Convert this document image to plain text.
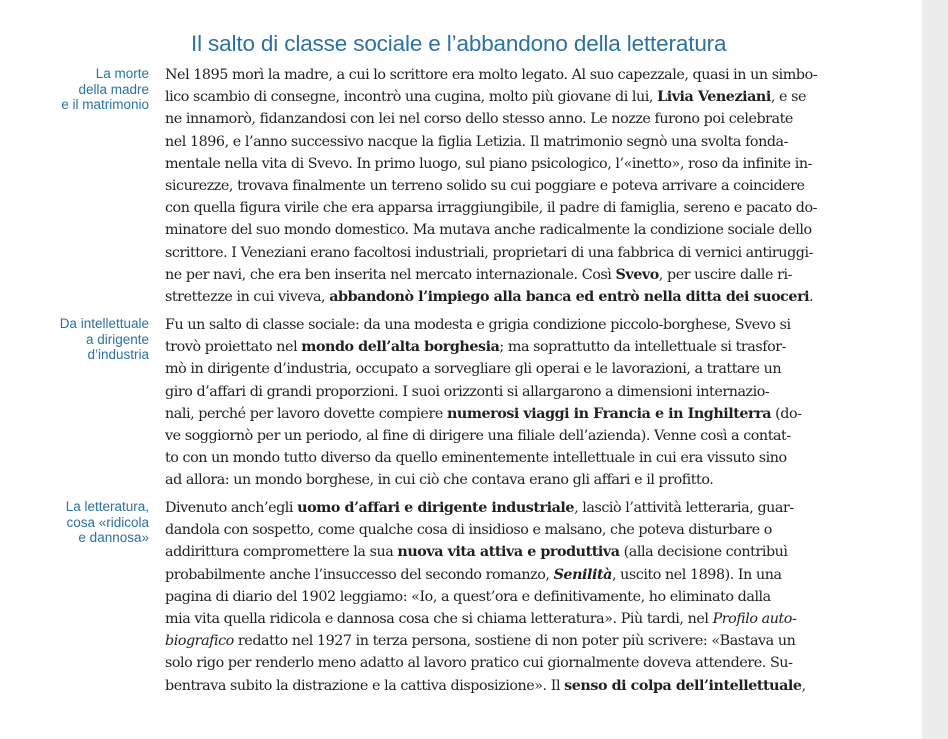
Il salto di classe sociale e l’abbandono della letteratura
La morte
della madre
e il matrimonio
Nel 1895 morì la madre, a cui lo scrittore era molto legato. Al suo capezzale, quasi in un simbo-
lico scambio di consegne, incontrò una cugina, molto più giovane di lui, Livia Veneziani, e se
ne innamorò, fidanzandosi con lei nel corso dello stesso anno. Le nozze furono poi celebrate
nel 1896, e l’anno successivo nacque la figlia Letizia. Il matrimonio segnò una svolta fonda-
mentale nella vita di Svevo. In primo luogo, sul piano psicologico, l’«inetto», roso da infinite in-
sicurezze, trovava finalmente un terreno solido su cui poggiare e poteva arrivare a coincidere
con quella figura virile che era apparsa irraggiungibile, il padre di famiglia, sereno e pacato do-
minatore del suo mondo domestico. Ma mutava anche radicalmente la condizione sociale dello
scrittore. I Veneziani erano facoltosi industriali, proprietari di una fabbrica di vernici antiruggi-
ne per navi, che era ben inserita nel mercato internazionale. Così Svevo, per uscire dalle ri-
strettezze in cui viveva, abbandonò l’impiego alla banca ed entrò nella ditta dei suoceri.
Da intellettuale
a dirigente
d’industria
Fu un salto di classe sociale: da una modesta e grigia condizione piccolo-borghese, Svevo si
trovò proiettato nel mondo dell’alta borghesia; ma soprattutto da intellettuale si trasfor-
mò in dirigente d’industria, occupato a sorvegliare gli operai e le lavorazioni, a trattare un
giro d’affari di grandi proporzioni. I suoi orizzonti si allargarono a dimensioni internazio-
nali, perché per lavoro dovette compiere numerosi viaggi in Francia e in Inghilterra (do-
ve soggiornò per un periodo, al fine di dirigere una filiale dell’azienda). Venne così a contat-
to con un mondo tutto diverso da quello eminentemente intellettuale in cui era vissuto sino
ad allora: un mondo borghese, in cui ciò che contava erano gli affari e il profitto.
La letteratura,
cosa «ridicola
e dannosa»
Divenuto anch’egli uomo d’affari e dirigente industriale, lasciò l’attività letteraria, guar-
dandola con sospetto, come qualche cosa di insidioso e malsano, che poteva disturbare o
addirittura compromettere la sua nuova vita attiva e produttiva (alla decisione contribuì
probabilmente anche l’insuccesso del secondo romanzo, Senilità, uscito nel 1898). In una
pagina di diario del 1902 leggiamo: «Io, a quest’ora e definitivamente, ho eliminato dalla
mia vita quella ridicola e dannosa cosa che si chiama letteratura». Più tardi, nel Profilo auto-
biografico redatto nel 1927 in terza persona, sostiene di non poter più scrivere: «Bastava un
solo rigo per renderlo meno adatto al lavoro pratico cui giornalmente doveva attendere. Su-
bentrava subito la distrazione e la cattiva disposizione». Il senso di colpa dell’intellettuale,
